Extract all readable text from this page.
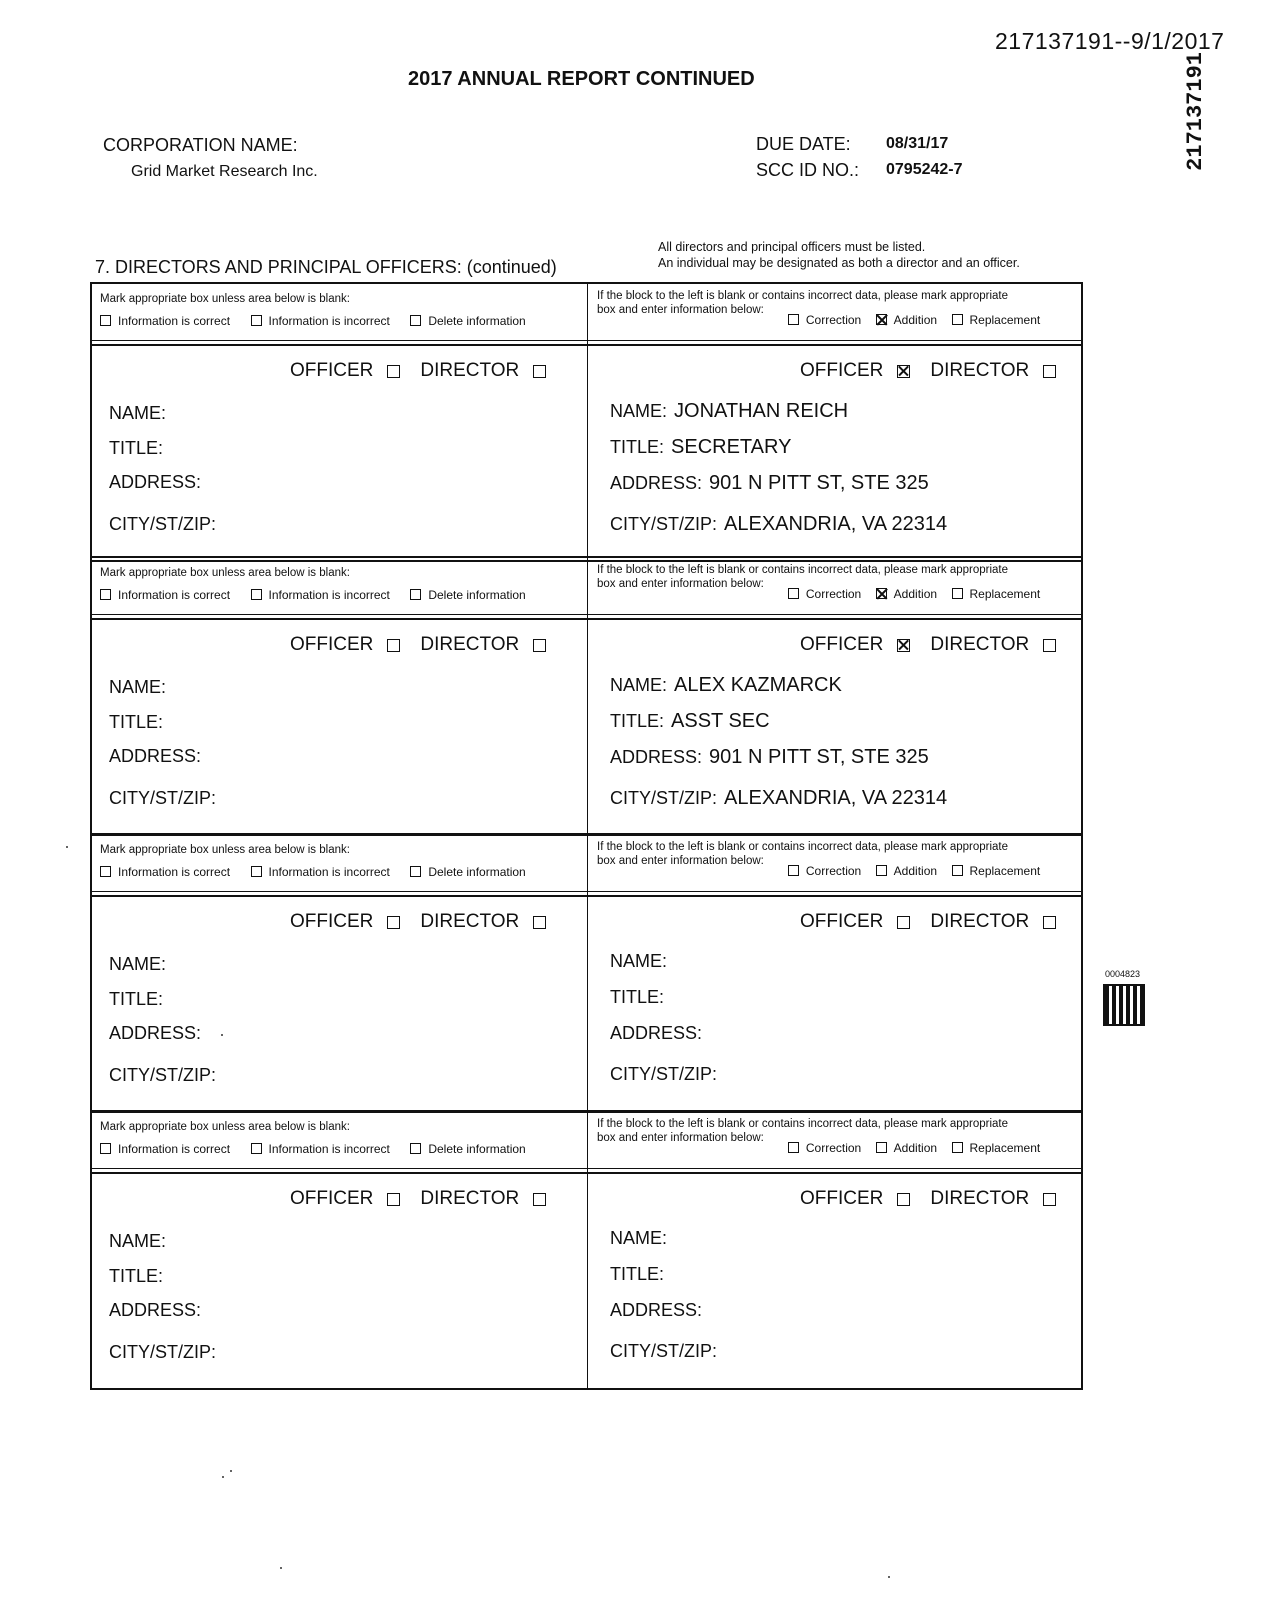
217137191--9/1/2017
217137191
0004823
2017 ANNUAL REPORT CONTINUED
CORPORATION NAME:
Grid Market Research Inc.
DUE DATE: 08/31/17
SCC ID NO.: 0795242-7
All directors and principal officers must be listed.
An individual may be designated as both a director and an officer.
7. DIRECTORS AND PRINCIPAL OFFICERS: (continued)
Mark appropriate box unless area below is blank:
Information is correct
	Information is incorrect
	Delete information
If the block to the left is blank or contains incorrect data, please mark appropriate
box and enter information below:
Correction
	Addition
	Replacement
OFFICER DIRECTOR
NAME:
TITLE:
ADDRESS:
CITY/ST/ZIP:
OFFICER DIRECTOR
NAME: JONATHAN REICH
TITLE: SECRETARY
ADDRESS: 901 N PITT ST, STE 325
CITY/ST/ZIP: ALEXANDRIA, VA 22314
Mark appropriate box unless area below is blank:
Information is correct
	Information is incorrect
	Delete information
If the block to the left is blank or contains incorrect data, please mark appropriate
box and enter information below:
Correction
	Addition
	Replacement
OFFICER DIRECTOR
NAME:
TITLE:
ADDRESS:
CITY/ST/ZIP:
OFFICER DIRECTOR
NAME: ALEX KAZMARCK
TITLE: ASST SEC
ADDRESS: 901 N PITT ST, STE 325
CITY/ST/ZIP: ALEXANDRIA, VA 22314
Mark appropriate box unless area below is blank:
Information is correct
	Information is incorrect
	Delete information
If the block to the left is blank or contains incorrect data, please mark appropriate
box and enter information below:
Correction
	Addition
	Replacement
OFFICER DIRECTOR
NAME:
TITLE:
ADDRESS:
CITY/ST/ZIP:
OFFICER DIRECTOR
NAME:
TITLE:
ADDRESS:
CITY/ST/ZIP:
Mark appropriate box unless area below is blank:
Information is correct
	Information is incorrect
	Delete information
If the block to the left is blank or contains incorrect data, please mark appropriate
box and enter information below:
Correction
	Addition
	Replacement
OFFICER DIRECTOR
NAME:
TITLE:
ADDRESS:
CITY/ST/ZIP:
OFFICER DIRECTOR
NAME:
TITLE:
ADDRESS:
CITY/ST/ZIP:
